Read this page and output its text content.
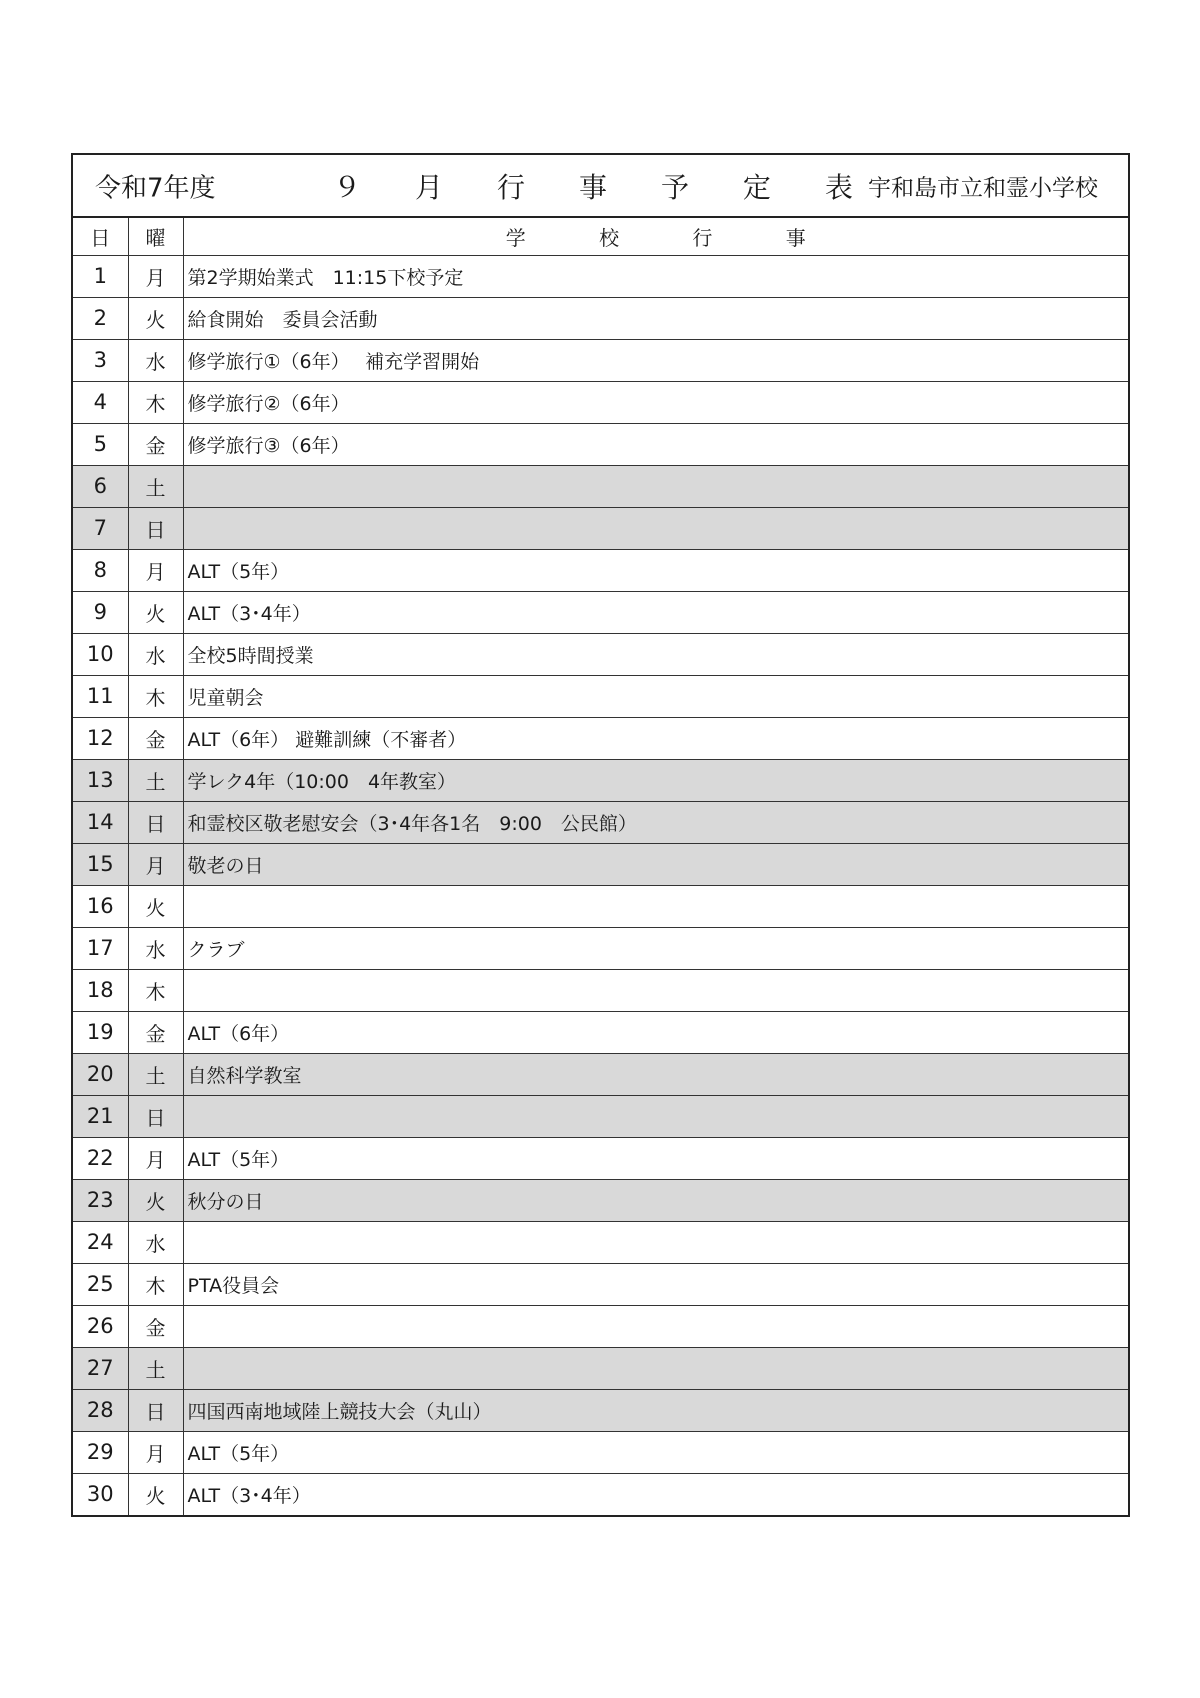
令和7年度	９ 月 行 事 予 定 表 宇和島市立和霊小学校
日	曜	学 校 行 事

1	月	第2学期始業式　11:15下校予定
2	火	給食開始　委員会活動
3	水	修学旅行①（6年）　 補充学習開始
4	木	修学旅行②（6年）
5	金	修学旅行③（6年）
6	土	
7	日	
8	月	ALT（5年）
9	火	ALT（3･4年）
10	水	全校5時間授業
11	木	児童朝会
12	金	ALT（6年） 避難訓練（不審者）
13	土	学レク4年（10:00　4年教室）
14	日	和霊校区敬老慰安会（3･4年各1名　9:00　公民館）
15	月	敬老の日
16	火	
17	水	クラブ
18	木	
19	金	ALT（6年）
20	土	自然科学教室
21	日	
22	月	ALT（5年）
23	火	秋分の日
24	水	
25	木	PTA役員会
26	金	
27	土	
28	日	四国西南地域陸上競技大会（丸山）
29	月	ALT（5年）
30	火	ALT（3･4年）
